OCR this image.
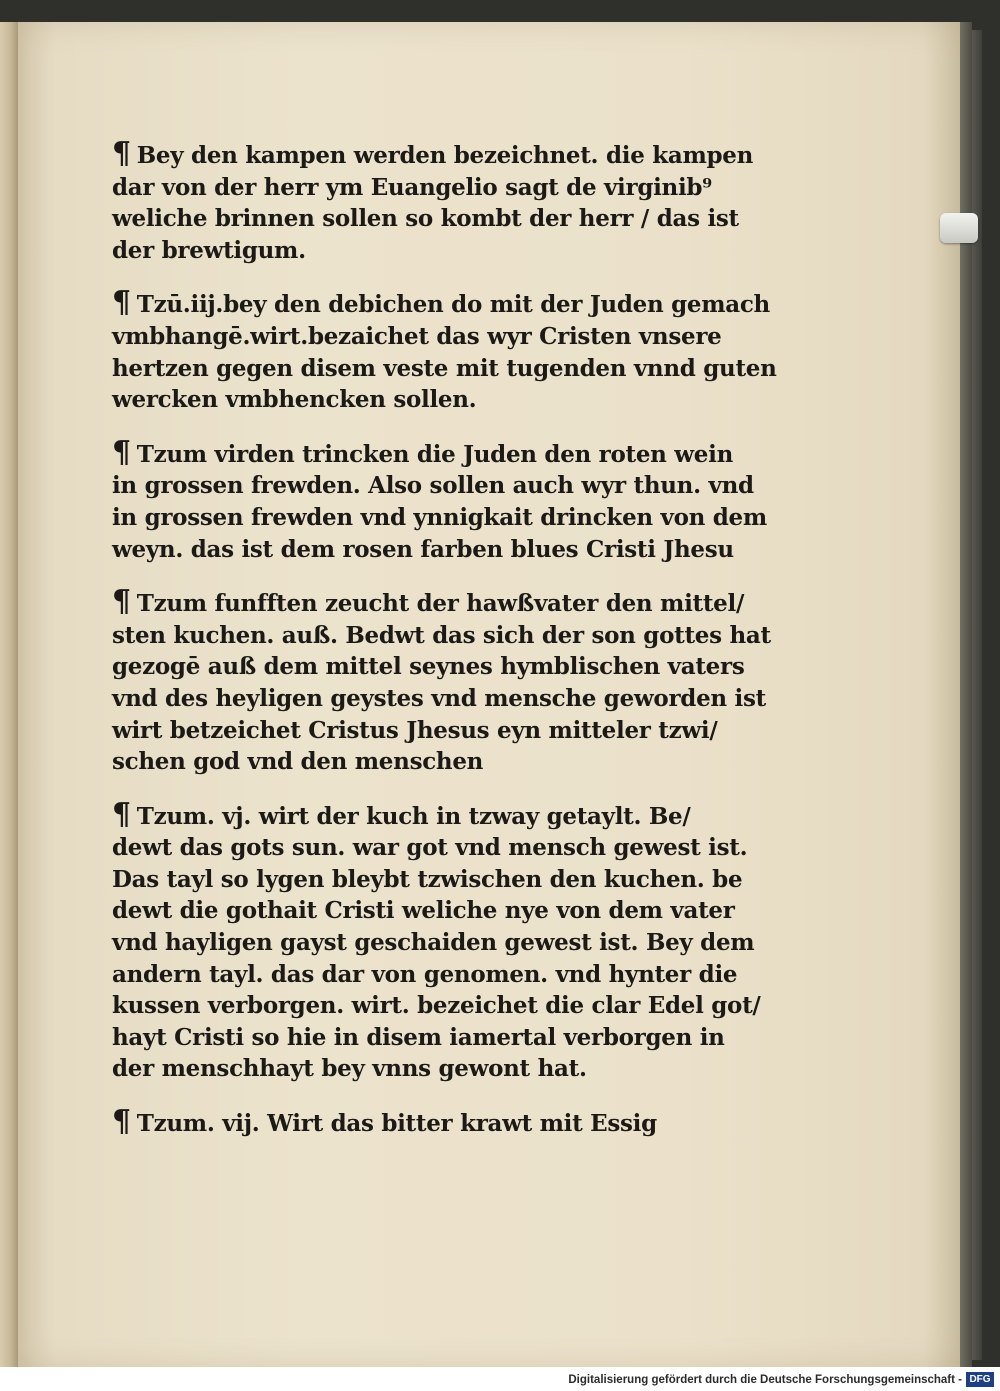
¶ Bey den kampen werden bezeichnet. die kampen
dar von der herr ym Euangelio sagt de virginib⁹
weliche brinnen sollen so kombt der herr / das ist
der brewtigum.
¶ Tzū.iij.bey den debichen do mit der Juden gemach
vmbhangē.wirt.bezaichet das wyr Cristen vnsere
hertzen gegen disem veste mit tugenden vnnd guten
wercken vmbhencken sollen.
¶ Tzum virden trincken die Juden den roten wein
in grossen frewden. Also sollen auch wyr thun. vnd
in grossen frewden vnd ynnigkait drincken von dem
weyn. das ist dem rosen farben blues Cristi Jhesu
¶ Tzum funfften zeucht der hawßvater den mittel/
sten kuchen. auß. Bedwt das sich der son gottes hat
gezogē auß dem mittel seynes hymblischen vaters
vnd des heyligen geystes vnd mensche geworden ist
wirt betzeichet Cristus Jhesus eyn mitteler tzwi/
schen god vnd den menschen
¶ Tzum. vj. wirt der kuch in tzway getaylt. Be/
dewt das gots sun. war got vnd mensch gewest ist.
Das tayl so lygen bleybt tzwischen den kuchen. be
dewt die gothait Cristi weliche nye von dem vater
vnd hayligen gayst geschaiden gewest ist. Bey dem
andern tayl. das dar von genomen. vnd hynter die
kussen verborgen. wirt. bezeichet die clar Edel got/
hayt Cristi so hie in disem iamertal verborgen in
der menschhayt bey vnns gewont hat.
¶ Tzum. vij. Wirt das bitter krawt mit Essig
Digitalisierung gefördert durch die Deutsche Forschungsgemeinschaft - DFG
